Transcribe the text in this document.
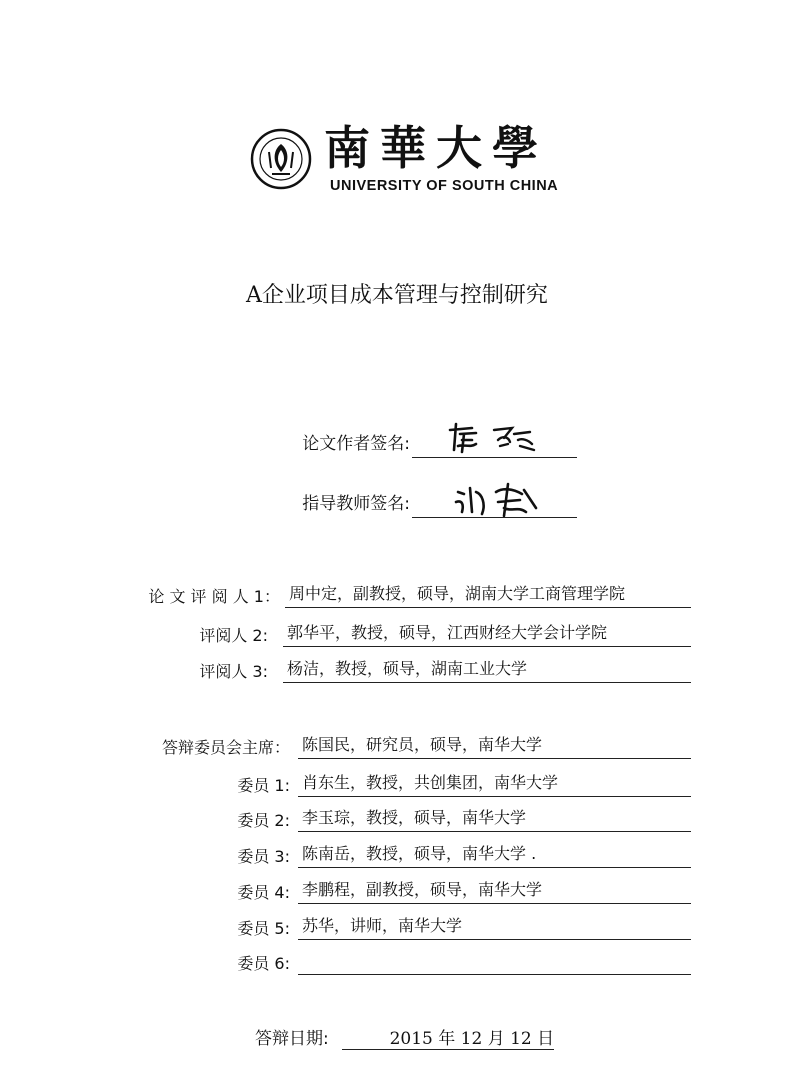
南華大學
UNIVERSITY OF SOUTH CHINA
A企业项目成本管理与控制研究
论文作者签名:
指导教师签名:
论 文 评 阅 人 1： 周中定，副教授，硕导，湖南大学工商管理学院
评阅人 2: 郭华平，教授，硕导，江西财经大学会计学院
评阅人 3: 杨洁，教授，硕导，湖南工业大学
答辩委员会主席： 陈国民，研究员，硕导，南华大学
委员 1: 肖东生，教授，共创集团，南华大学
委员 2: 李玉琮，教授，硕导，南华大学
委员 3: 陈南岳，教授，硕导，南华大学 .
委员 4: 李鹏程，副教授，硕导，南华大学
委员 5: 苏华，讲师，南华大学
委员 6:
答辩日期:	2015 年 12 月 12 日
